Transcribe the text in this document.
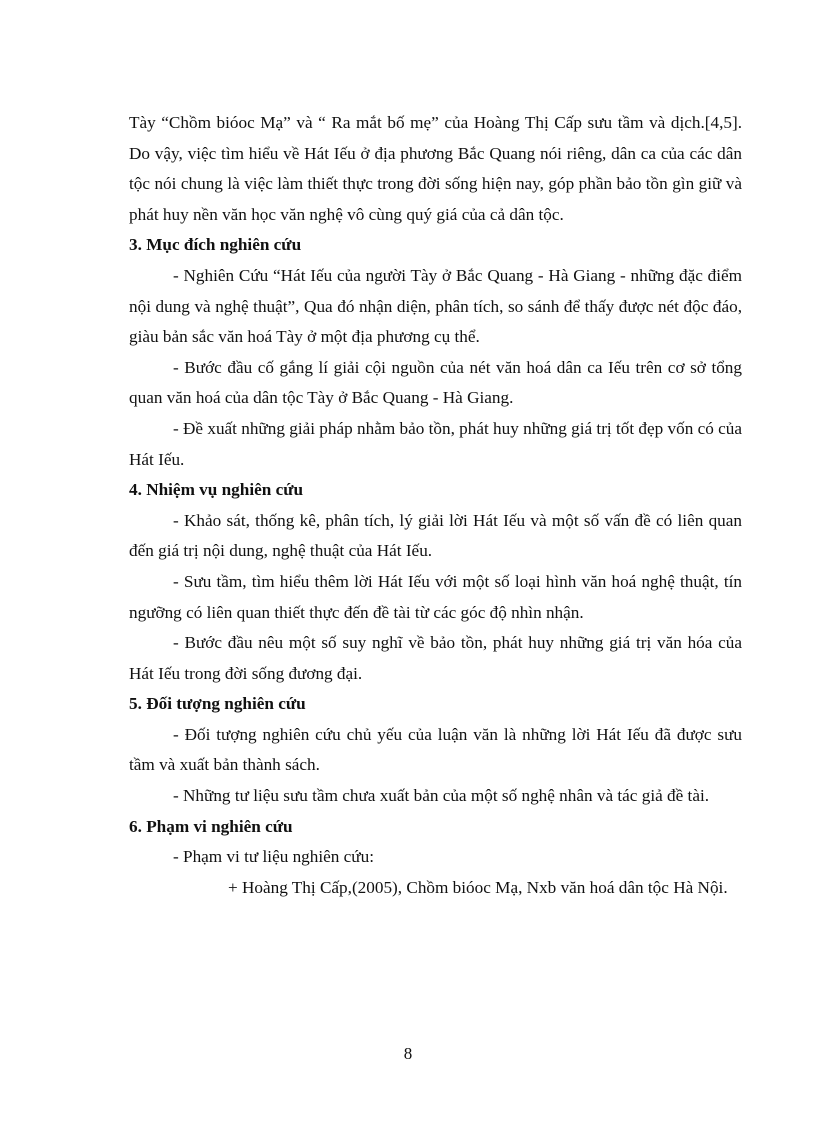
Tày “Chồm bióoc Mạ” và “ Ra mắt bố mẹ” của Hoàng Thị Cấp sưu tầm và dịch.[4,5]. Do vậy, việc tìm hiểu về Hát Iếu ở địa phương Bắc Quang nói riêng, dân ca của các dân tộc nói chung là việc làm thiết thực trong đời sống hiện nay, góp phần bảo tồn gìn giữ và phát huy nền văn học văn nghệ vô cùng quý giá của cả dân tộc.

3. Mục đích nghiên cứu

- Nghiên Cứu “Hát Iếu của người Tày ở Bắc Quang - Hà Giang - những đặc điểm nội dung và nghệ thuật”, Qua đó nhận diện, phân tích, so sánh để thấy được nét độc đáo, giàu bản sắc văn hoá Tày ở một địa phương cụ thể.

- Bước đầu cố gắng lí giải cội nguồn của nét văn hoá dân ca Iếu trên cơ sở tổng quan văn hoá của dân tộc Tày ở Bắc Quang - Hà Giang.

- Đề xuất những giải pháp nhằm bảo tồn, phát huy những giá trị tốt đẹp vốn có của Hát Iếu.

4. Nhiệm vụ nghiên cứu

- Khảo sát, thống kê, phân tích, lý giải lời Hát Iếu và một số vấn đề có liên quan đến giá trị nội dung, nghệ thuật của Hát Iếu.

- Sưu tầm, tìm hiểu thêm lời Hát Iếu với một số loại hình văn hoá nghệ thuật, tín ngưỡng có liên quan thiết thực đến đề tài từ các góc độ nhìn nhận.

- Bước đầu nêu một số suy nghĩ về bảo tồn, phát huy những giá trị văn hóa của Hát Iếu trong đời sống đương đại.

5. Đối tượng nghiên cứu

- Đối tượng nghiên cứu chủ yếu của luận văn là những lời Hát Iếu đã được sưu tầm và xuất bản thành sách.

- Những tư liệu sưu tầm chưa xuất bản của một số nghệ nhân và tác giả đề tài.

6. Phạm vi nghiên cứu

- Phạm vi tư liệu nghiên cứu:

+ Hoàng Thị Cấp,(2005), Chồm bióoc Mạ, Nxb văn hoá dân tộc Hà Nội.

8
